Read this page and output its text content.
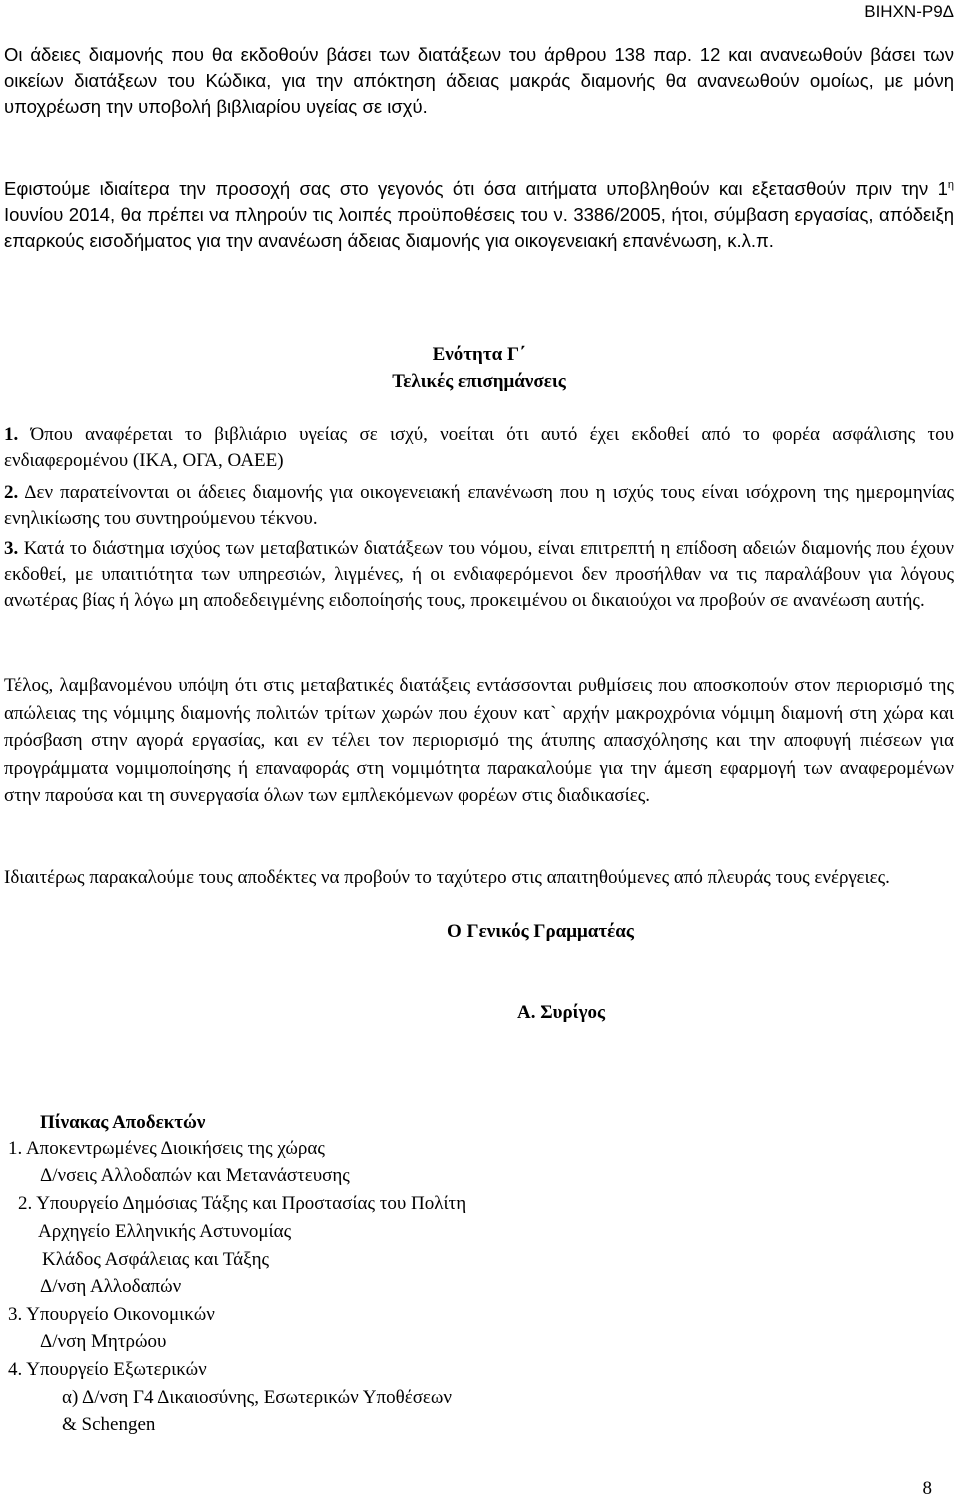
ΒΙΗΧΝ-Ρ9Δ

Οι άδειες διαμονής που θα εκδοθούν βάσει των διατάξεων του άρθρου 138 παρ. 12 και ανανεωθούν βάσει των οικείων διατάξεων του Κώδικα, για την απόκτηση άδειας μακράς διαμονής θα ανανεωθούν ομοίως, με μόνη υποχρέωση την υποβολή βιβλιαρίου υγείας σε ισχύ.

Εφιστούμε ιδιαίτερα την προσοχή σας στο γεγονός ότι όσα αιτήματα υποβληθούν και εξετασθούν πριν την $1^\eta$ Ιουνίου 2014, θα πρέπει να πληρούν τις λοιπές προϋποθέσεις του ν. 3386/2005, ήτοι, σύμβαση εργασίας, απόδειξη επαρκούς εισοδήματος για την ανανέωση άδειας διαμονής για οικογενειακή επανένωση, κ.λ.π.

Ενότητα Γ΄
Τελικές επισημάνσεις

1. Όπου αναφέρεται το βιβλιάριο υγείας σε ισχύ, νοείται ότι αυτό έχει εκδοθεί από το φορέα ασφάλισης του ενδιαφερομένου (ΙΚΑ, ΟΓΑ, ΟΑΕΕ)

2. Δεν παρατείνονται οι άδειες διαμονής για οικογενειακή επανένωση που η ισχύς τους είναι ισόχρονη της ημερομηνίας ενηλικίωσης του συντηρούμενου τέκνου.

3. Κατά το διάστημα ισχύος των μεταβατικών διατάξεων του νόμου, είναι επιτρεπτή η επίδοση αδειών διαμονής που έχουν εκδοθεί, με υπαιτιότητα των υπηρεσιών, λιγμένες, ή οι ενδιαφερόμενοι δεν προσήλθαν να τις παραλάβουν για λόγους ανωτέρας βίας ή λόγω μη αποδεδειγμένης ειδοποίησής τους, προκειμένου οι δικαιούχοι να προβούν σε ανανέωση αυτής.

Τέλος, λαμβανομένου υπόψη ότι στις μεταβατικές διατάξεις εντάσσονται ρυθμίσεις που αποσκοπούν στον περιορισμό της απώλειας της νόμιμης διαμονής πολιτών τρίτων χωρών που έχουν κατ` αρχήν μακροχρόνια νόμιμη διαμονή στη χώρα και πρόσβαση στην αγορά εργασίας, και εν τέλει τον περιορισμό της άτυπης απασχόλησης και την αποφυγή πιέσεων για προγράμματα νομιμοποίησης ή επαναφοράς στη νομιμότητα παρακαλούμε για την άμεση εφαρμογή των αναφερομένων στην παρούσα και τη συνεργασία όλων των εμπλεκόμενων φορέων στις διαδικασίες.

Ιδιαιτέρως παρακαλούμε τους αποδέκτες να προβούν το ταχύτερο στις απαιτηθούμενες από πλευράς τους ενέργειες.

Ο Γενικός Γραμματέας
Α. Συρίγος
Πίνακας Αποδεκτών
1. Αποκεντρωμένες Διοικήσεις της χώρας
Δ/νσεις Αλλοδαπών και Μετανάστευσης
2. Υπουργείο Δημόσιας Τάξης και Προστασίας του Πολίτη
Αρχηγείο Ελληνικής Αστυνομίας
Κλάδος Ασφάλειας και Τάξης
Δ/νση Αλλοδαπών
3. Υπουργείο Οικονομικών
Δ/νση Μητρώου
4. Υπουργείο Εξωτερικών
α) Δ/νση Γ4 Δικαιοσύνης, Εσωτερικών Υποθέσεων
& Schengen
8
